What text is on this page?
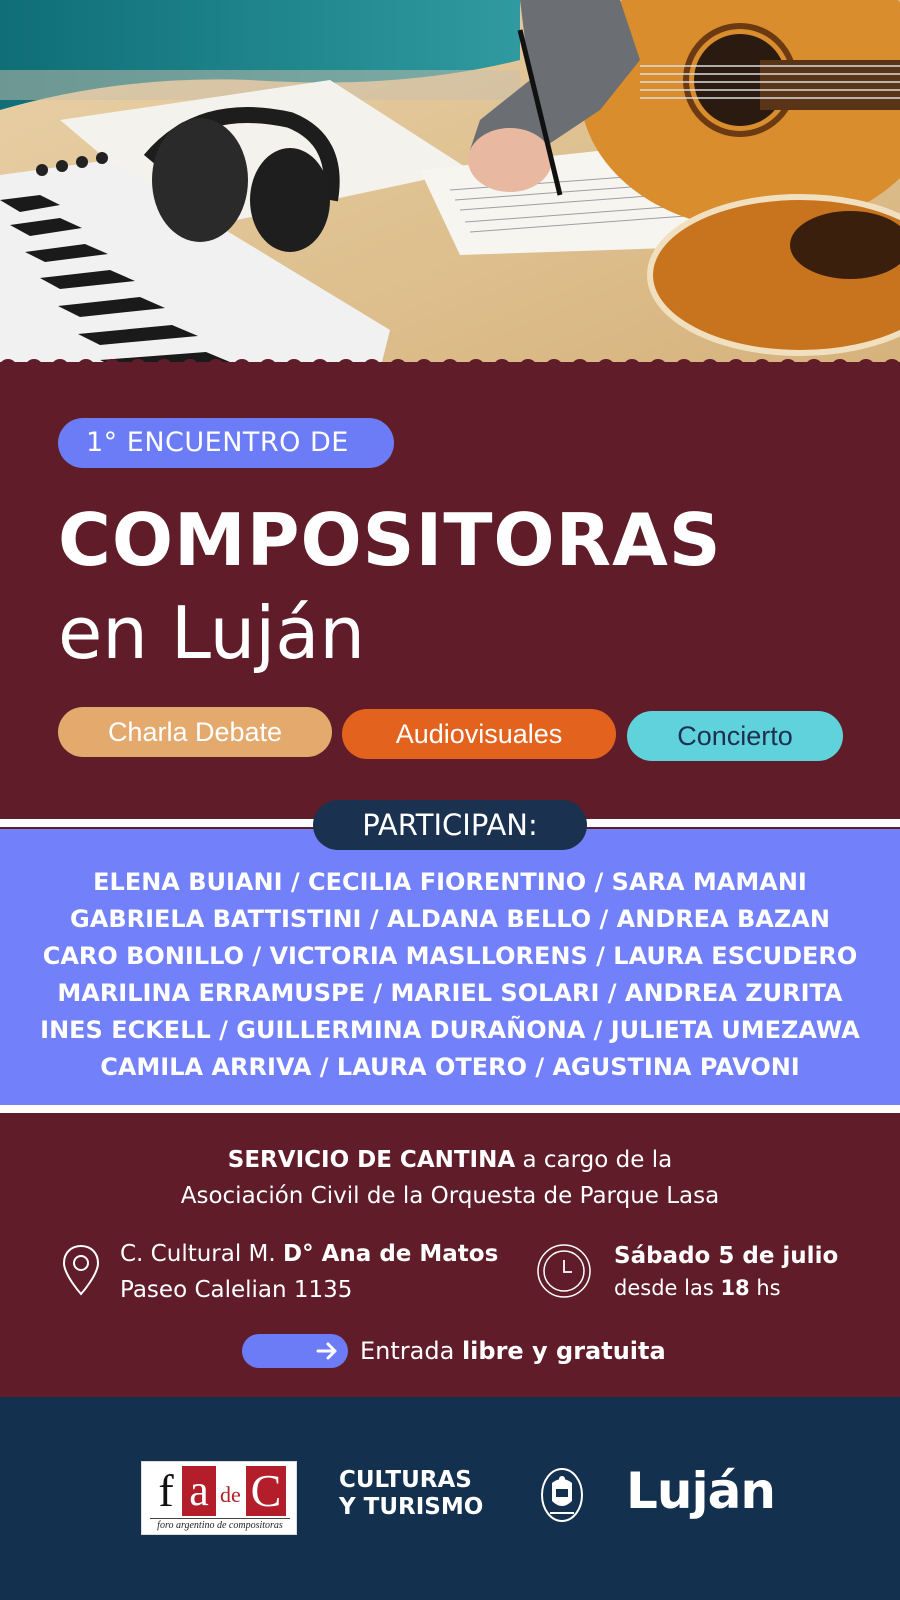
1° ENCUENTRO DE
COMPOSITORAS
en Luján
Charla Debate	Audiovisuales	Concierto
PARTICIPAN:
ELENA BUIANI / CECILIA FIORENTINO / SARA MAMANI
GABRIELA BATTISTINI / ALDANA BELLO / ANDREA BAZAN
CARO BONILLO / VICTORIA MASLLORENS / LAURA ESCUDERO
MARILINA ERRAMUSPE / MARIEL SOLARI / ANDREA ZURITA
INES ECKELL / GUILLERMINA DURAÑONA / JULIETA UMEZAWA
CAMILA ARRIVA / LAURA OTERO / AGUSTINA PAVONI
SERVICIO DE CANTINA a cargo de la
Asociación Civil de la Orquesta de Parque Lasa
C. Cultural M. D° Ana de Matos
Paseo Calelian 1135
Sábado 5 de julio
desde las 18 hs
Entrada libre y gratuita
f a de C
foro argentino de compositoras
CULTURAS
Y TURISMO	Luján
